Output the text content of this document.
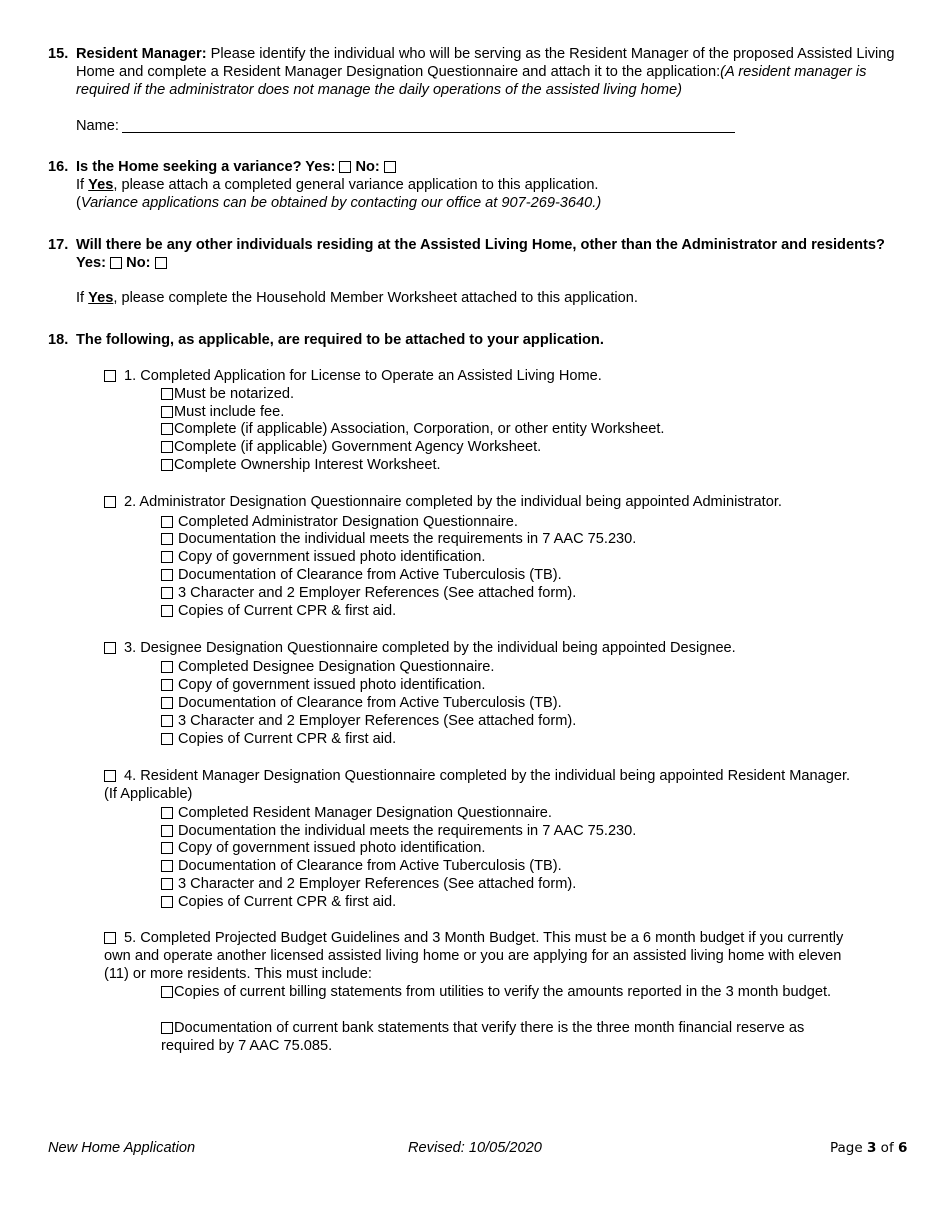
15. Resident Manager: Please identify the individual who will be serving as the Resident Manager of the proposed Assisted Living Home and complete a Resident Manager Designation Questionnaire and attach it to the application:(A resident manager is required if the administrator does not manage the daily operations of the assisted living home)
Name:
16. Is the Home seeking a variance? Yes: No:
If Yes, please attach a completed general variance application to this application.
(Variance applications can be obtained by contacting our office at 907-269-3640.)
17. Will there be any other individuals residing at the Assisted Living Home, other than the Administrator and residents? Yes: No:
If Yes, please complete the Household Member Worksheet attached to this application.
18. The following, as applicable, are required to be attached to your application.
1. Completed Application for License to Operate an Assisted Living Home.
Must be notarized.
Must include fee.
Complete (if applicable) Association, Corporation, or other entity Worksheet.
Complete (if applicable) Government Agency Worksheet.
Complete Ownership Interest Worksheet.
2. Administrator Designation Questionnaire completed by the individual being appointed Administrator.
Completed Administrator Designation Questionnaire.
Documentation the individual meets the requirements in 7 AAC 75.230.
Copy of government issued photo identification.
Documentation of Clearance from Active Tuberculosis (TB).
3 Character and 2 Employer References (See attached form).
Copies of Current CPR & first aid.
3. Designee Designation Questionnaire completed by the individual being appointed Designee.
Completed Designee Designation Questionnaire.
Copy of government issued photo identification.
Documentation of Clearance from Active Tuberculosis (TB).
3 Character and 2 Employer References (See attached form).
Copies of Current CPR & first aid.
4. Resident Manager Designation Questionnaire completed by the individual being appointed Resident Manager. (If Applicable)
Completed Resident Manager Designation Questionnaire.
Documentation the individual meets the requirements in 7 AAC 75.230.
Copy of government issued photo identification.
Documentation of Clearance from Active Tuberculosis (TB).
3 Character and 2 Employer References (See attached form).
Copies of Current CPR & first aid.
5. Completed Projected Budget Guidelines and 3 Month Budget. This must be a 6 month budget if you currently own and operate another licensed assisted living home or you are applying for an assisted living home with eleven (11) or more residents. This must include:
Copies of current billing statements from utilities to verify the amounts reported in the 3 month budget.
Documentation of current bank statements that verify there is the three month financial reserve as required by 7 AAC 75.085.
New Home Application	Revised: 10/05/2020	Page 3 of 6
